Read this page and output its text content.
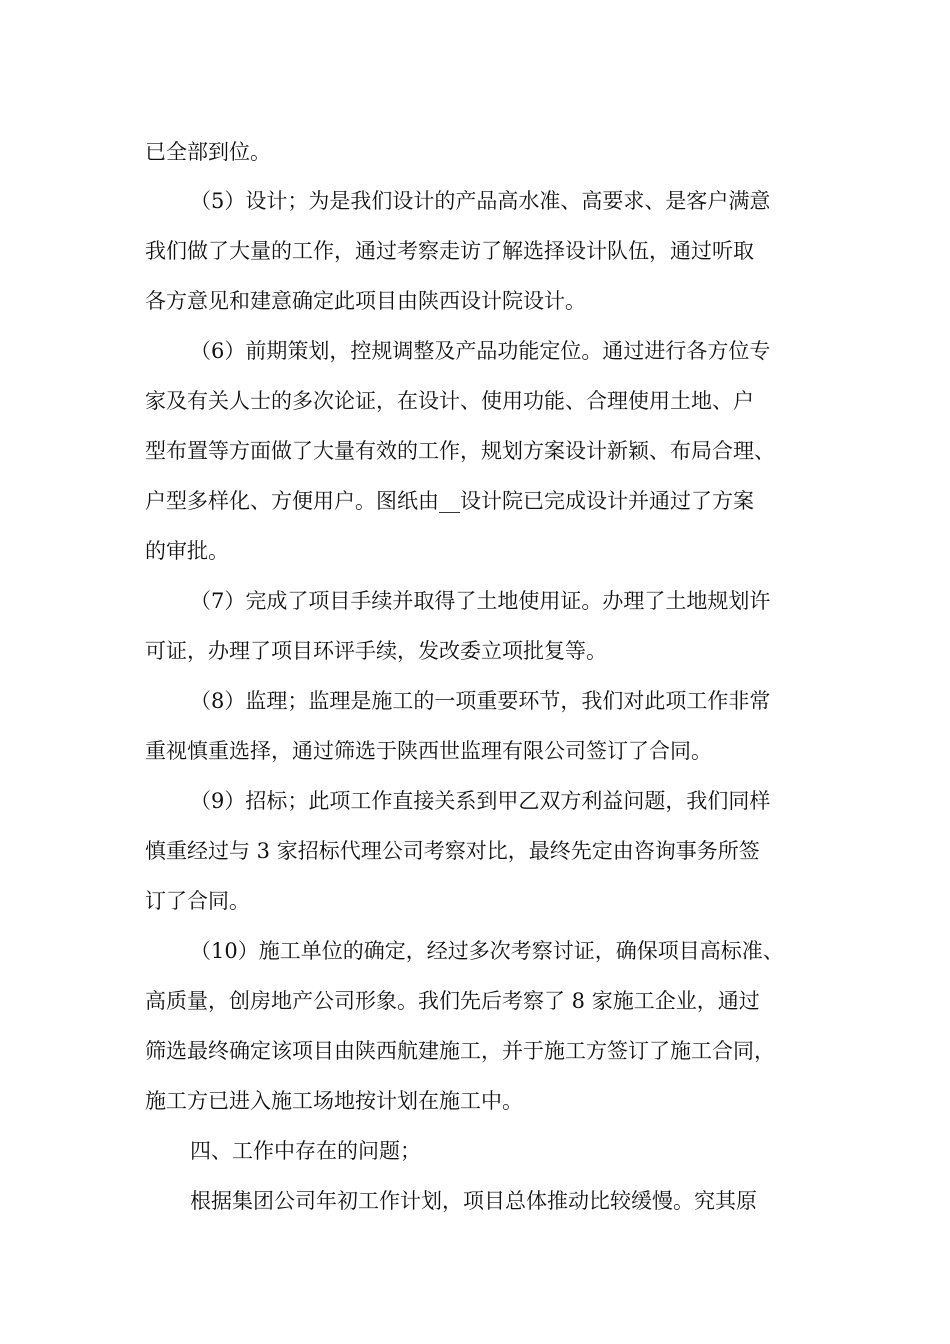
已全部到位。
（5）设计；为是我们设计的产品高水准、高要求、是客户满意
我们做了大量的工作，通过考察走访了解选择设计队伍，通过听取
各方意见和建意确定此项目由陕西设计院设计。
（6）前期策划，控规调整及产品功能定位。通过进行各方位专
家及有关人士的多次论证，在设计、使用功能、合理使用土地、户
型布置等方面做了大量有效的工作，规划方案设计新颖、布局合理、
户型多样化、方便用户。图纸由__设计院已完成设计并通过了方案
的审批。
（7）完成了项目手续并取得了土地使用证。办理了土地规划许
可证，办理了项目环评手续，发改委立项批复等。
（8）监理；监理是施工的一项重要环节，我们对此项工作非常
重视慎重选择，通过筛选于陕西世监理有限公司签订了合同。
（9）招标；此项工作直接关系到甲乙双方利益问题，我们同样
慎重经过与 3 家招标代理公司考察对比，最终先定由咨询事务所签
订了合同。
（10）施工单位的确定，经过多次考察讨证，确保项目高标准、
高质量，创房地产公司形象。我们先后考察了 8 家施工企业，通过
筛选最终确定该项目由陕西航建施工，并于施工方签订了施工合同，
施工方已进入施工场地按计划在施工中。
四、工作中存在的问题；
根据集团公司年初工作计划，项目总体推动比较缓慢。究其原
